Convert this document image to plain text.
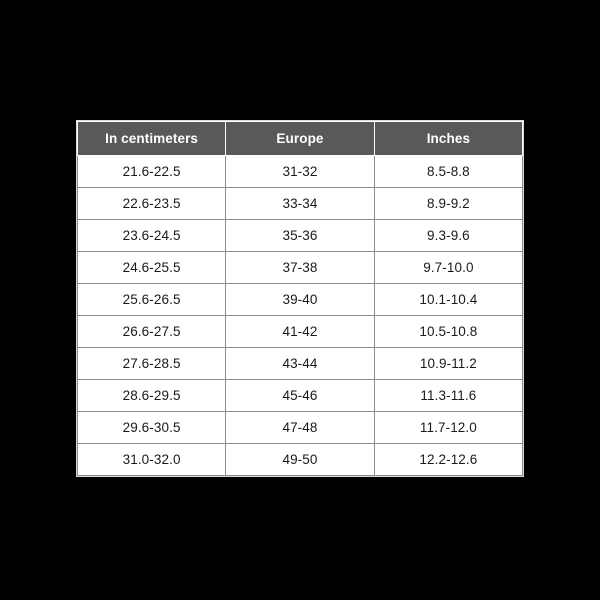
In centimeters	Europe	Inches
21.6-22.5	31-32	8.5-8.8
22.6-23.5	33-34	8.9-9.2
23.6-24.5	35-36	9.3-9.6
24.6-25.5	37-38	9.7-10.0
25.6-26.5	39-40	10.1-10.4
26.6-27.5	41-42	10.5-10.8
27.6-28.5	43-44	10.9-11.2
28.6-29.5	45-46	11.3-11.6
29.6-30.5	47-48	11.7-12.0
31.0-32.0	49-50	12.2-12.6
